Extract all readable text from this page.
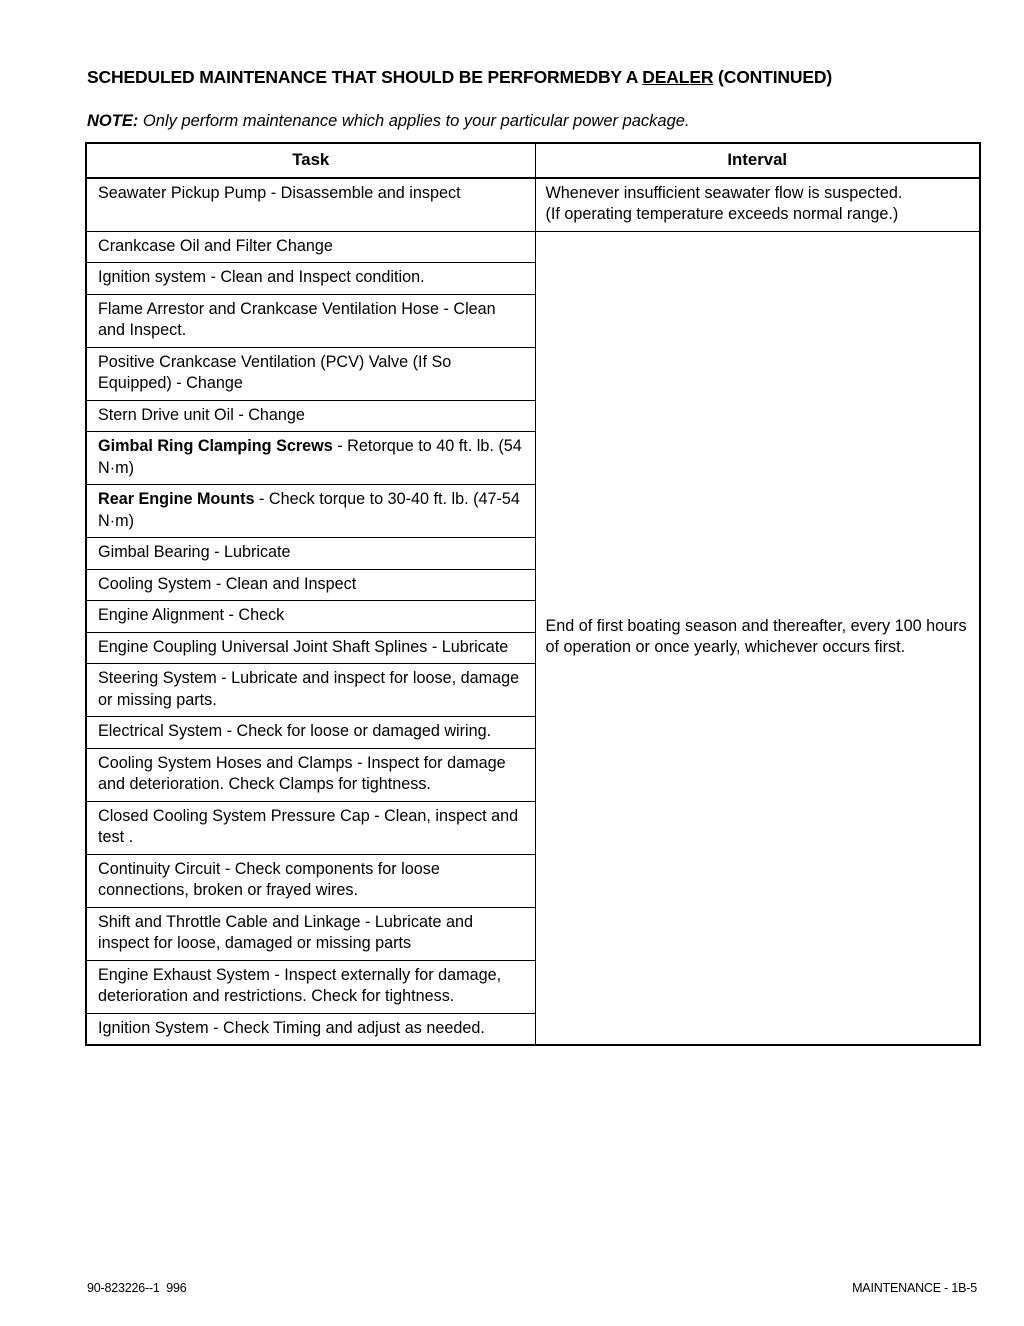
SCHEDULED MAINTENANCE THAT SHOULD BE PERFORMEDBY A DEALER (CONTINUED)

NOTE: Only perform maintenance which applies to your particular power package.

Task	Interval
Seawater Pickup Pump - Disassemble and inspect	Whenever insufficient seawater flow is suspected.
(If operating temperature exceeds normal range.)

Crankcase Oil and Filter Change	End of first boating season and thereafter, every 100 hours of operation or once yearly, whichever occurs first.
Ignition system - Clean and Inspect condition.	
Flame Arrestor and Crankcase Ventilation Hose - Clean and Inspect.	
Positive Crankcase Ventilation (PCV) Valve (If So Equipped) - Change	
Stern Drive unit Oil - Change	
Gimbal Ring Clamping Screws - Retorque to 40 ft. lb. (54 N·m)	
Rear Engine Mounts - Check torque to 30-40 ft. lb. (47-54 N·m)	
Gimbal Bearing - Lubricate	
Cooling System - Clean and Inspect	
Engine Alignment - Check	
Engine Coupling Universal Joint Shaft Splines - Lubricate	
Steering System - Lubricate and inspect for loose, damage or missing parts.	
Electrical System - Check for loose or damaged wiring.	
Cooling System Hoses and Clamps - Inspect for damage and deterioration. Check Clamps for tightness.	
Closed Cooling System Pressure Cap - Clean, inspect and test .	
Continuity Circuit - Check components for loose connections, broken or frayed wires.	
Shift and Throttle Cable and Linkage - Lubricate and inspect for loose, damaged or missing parts	
Engine Exhaust System - Inspect externally for damage, deterioration and restrictions. Check for tightness.	
Ignition System - Check Timing and adjust as needed.	
90-823226--1  996	MAINTENANCE - 1B-5
